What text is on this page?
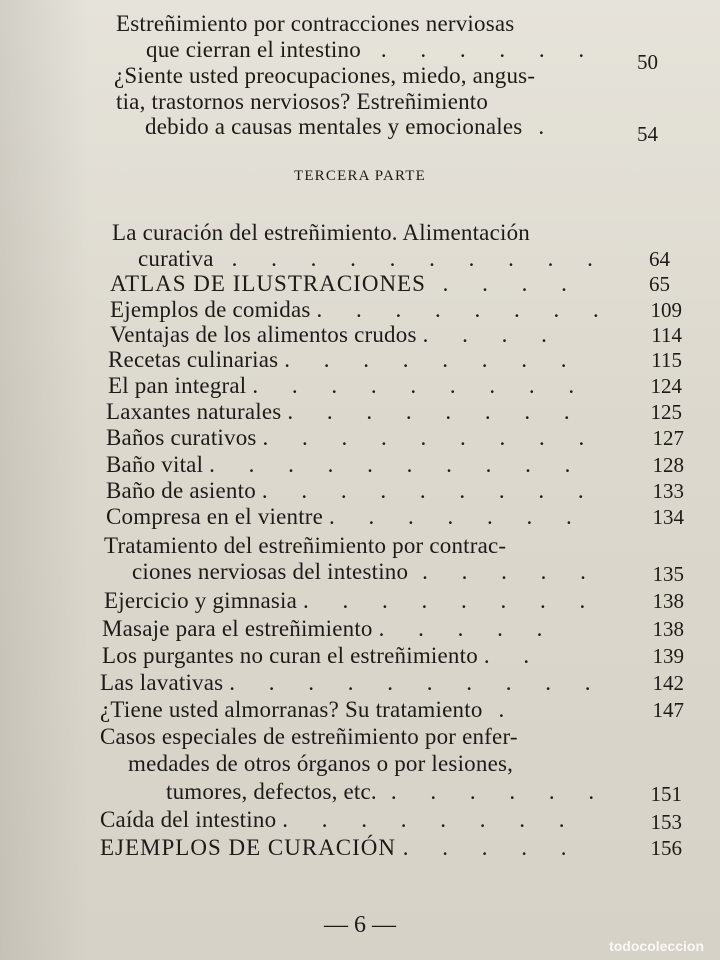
Estreñimiento por contracciones nerviosas
que cierran el intestino . . . . . .	50
¿Siente usted preocupaciones, miedo, angus-
tia, trastornos nerviosos? Estreñimiento
debido a causas mentales y emocionales .	54
TERCERA PARTE
La curación del estreñimiento. Alimentación
curativa . . . . . . . . . .	64
ATLAS DE ILUSTRACIONES . . . .	65
Ejemplos de comidas . . . . . . . .	109
Ventajas de los alimentos crudos . . . .	114
Recetas culinarias . . . . . . . .	115
El pan integral . . . . . . . . .	124
Laxantes naturales . . . . . . . .	125
Baños curativos . . . . . . . . .	127
Baño vital . . . . . . . . . .	128
Baño de asiento . . . . . . . . .	133
Compresa en el vientre . . . . . . .	134
Tratamiento del estreñimiento por contrac-
ciones nerviosas del intestino . . . . .	135
Ejercicio y gimnasia . . . . . . . .	138
Masaje para el estreñimiento . . . . .	138
Los purgantes no curan el estreñimiento . .	139
Las lavativas . . . . . . . . . .	142
¿Tiene usted almorranas? Su tratamiento .	147
Casos especiales de estreñimiento por enfer-
medades de otros órganos o por lesiones,
tumores, defectos, etc. . . . . . .	151
Caída del intestino . . . . . . . .	153
EJEMPLOS DE CURACIÓN . . . . .	156
— 6 —
todocoleccion
